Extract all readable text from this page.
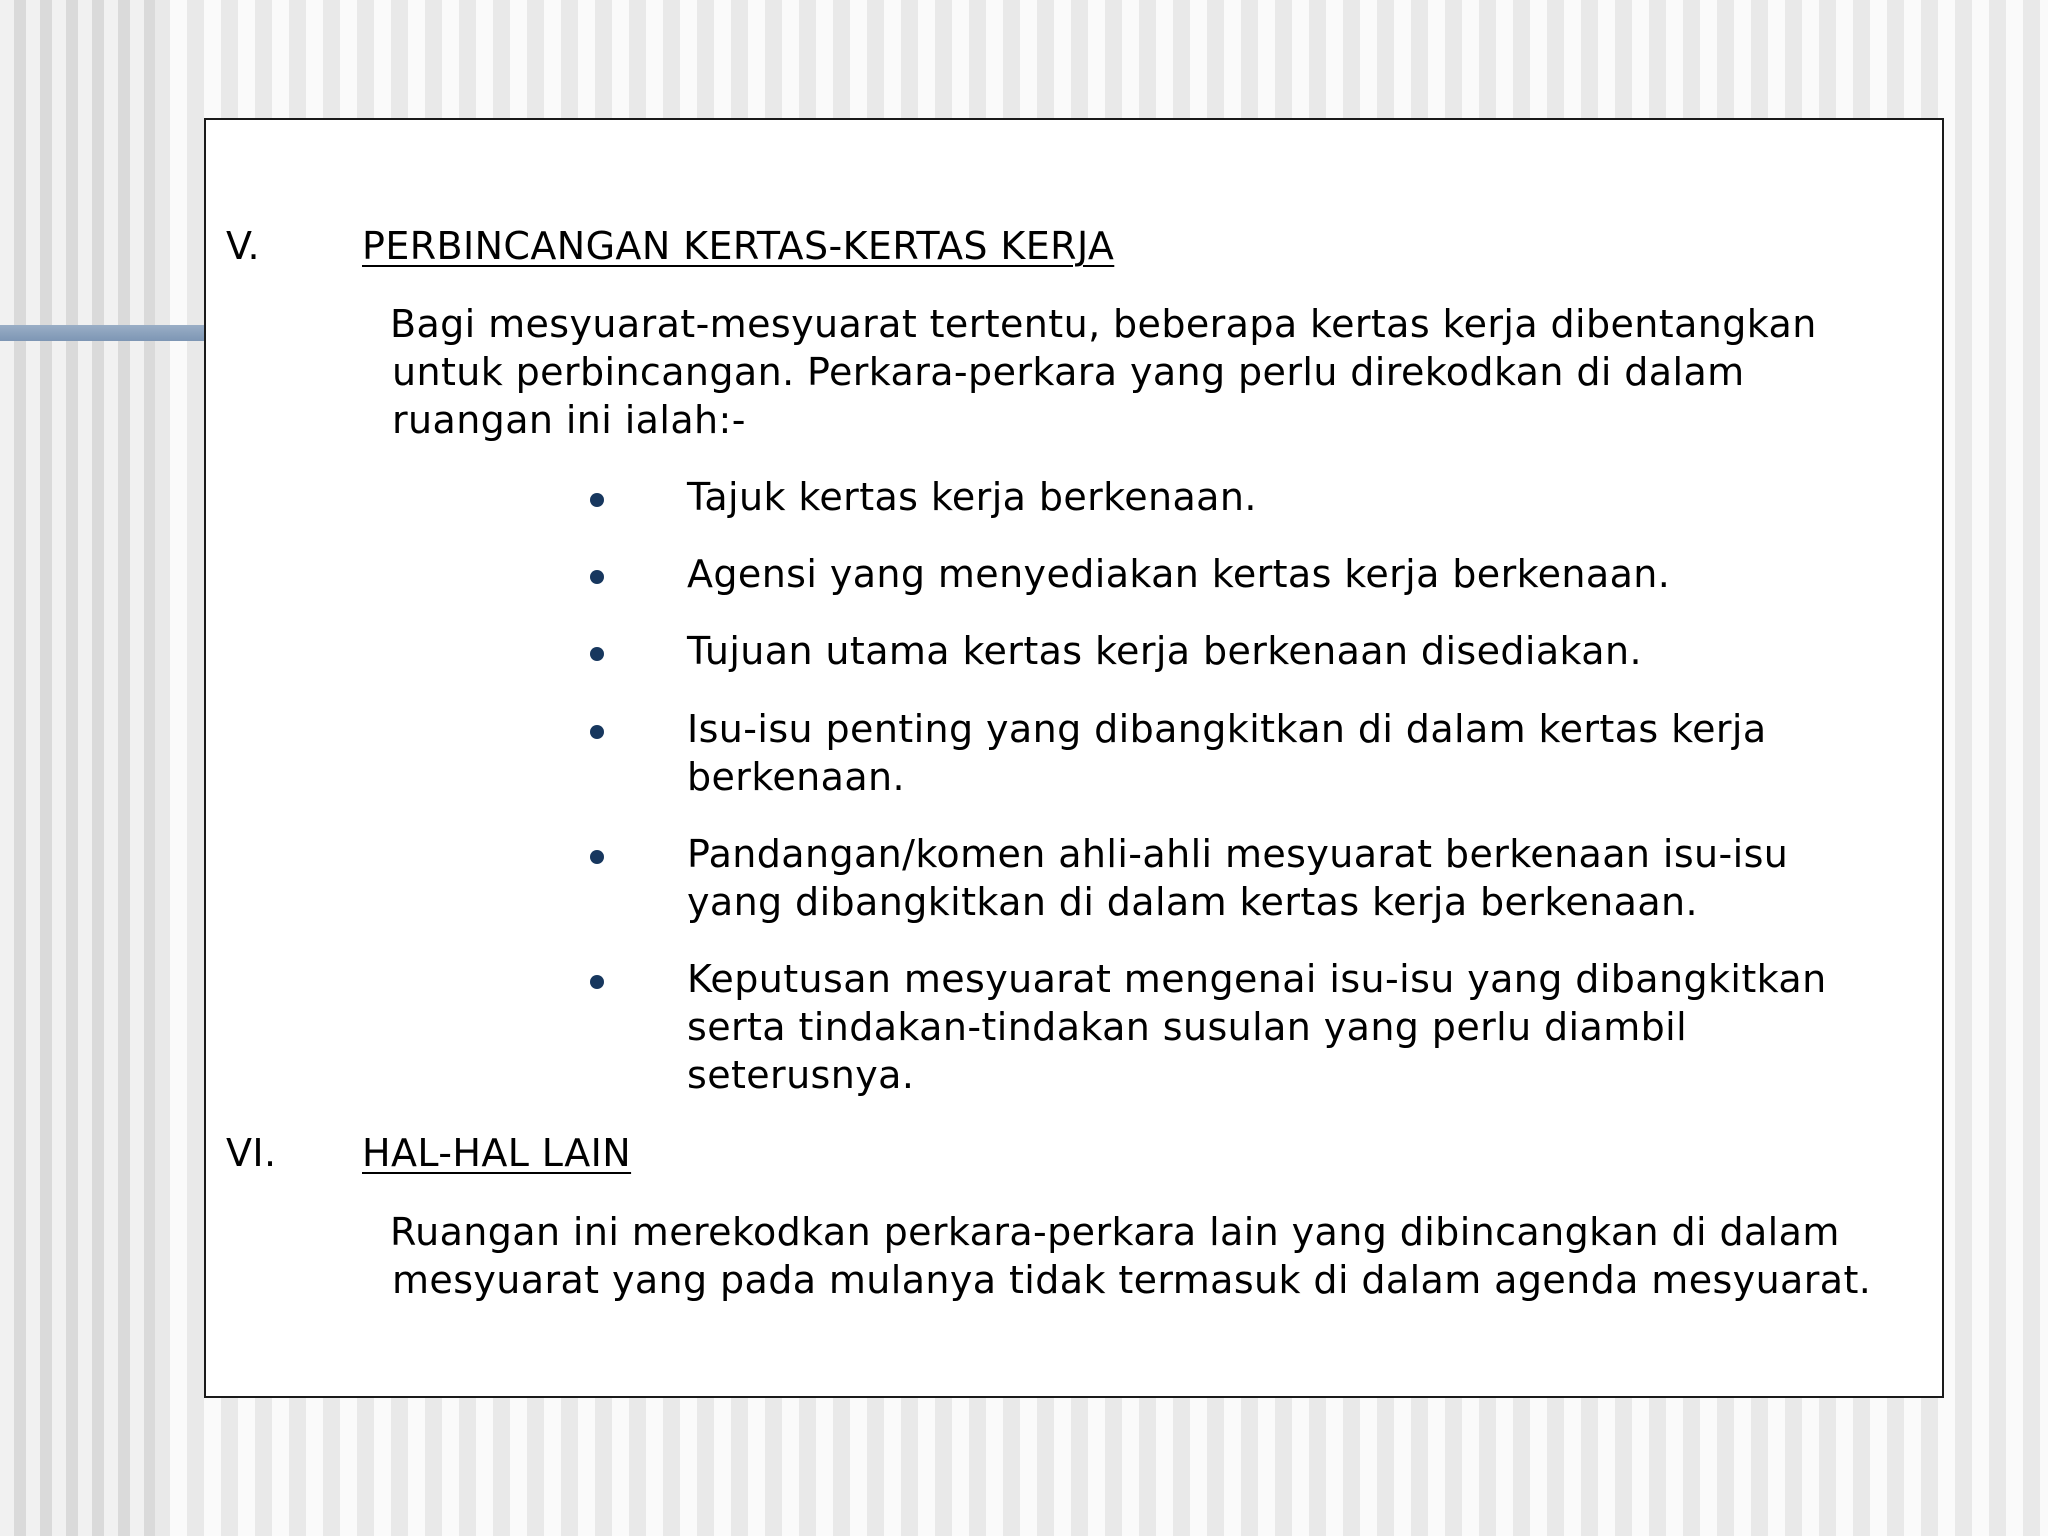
V.	PERBINCANGAN KERTAS-KERTAS KERJA

Bagi mesyuarat-mesyuarat tertentu, beberapa kertas kerja dibentangkan

untuk perbincangan. Perkara-perkara yang perlu direkodkan di dalam

ruangan ini ialah:-

Tajuk kertas kerja berkenaan.

Agensi yang menyediakan kertas kerja berkenaan.

Tujuan utama kertas kerja berkenaan disediakan.

Isu-isu penting yang dibangkitkan di dalam kertas kerja

berkenaan.

Pandangan/komen ahli-ahli mesyuarat berkenaan isu-isu

yang dibangkitkan di dalam kertas kerja berkenaan.

Keputusan mesyuarat mengenai isu-isu yang dibangkitkan

serta tindakan-tindakan susulan yang perlu diambil

seterusnya.

VI. HAL-HAL LAIN

Ruangan ini merekodkan perkara-perkara lain yang dibincangkan di dalam

mesyuarat yang pada mulanya tidak termasuk di dalam agenda mesyuarat.
